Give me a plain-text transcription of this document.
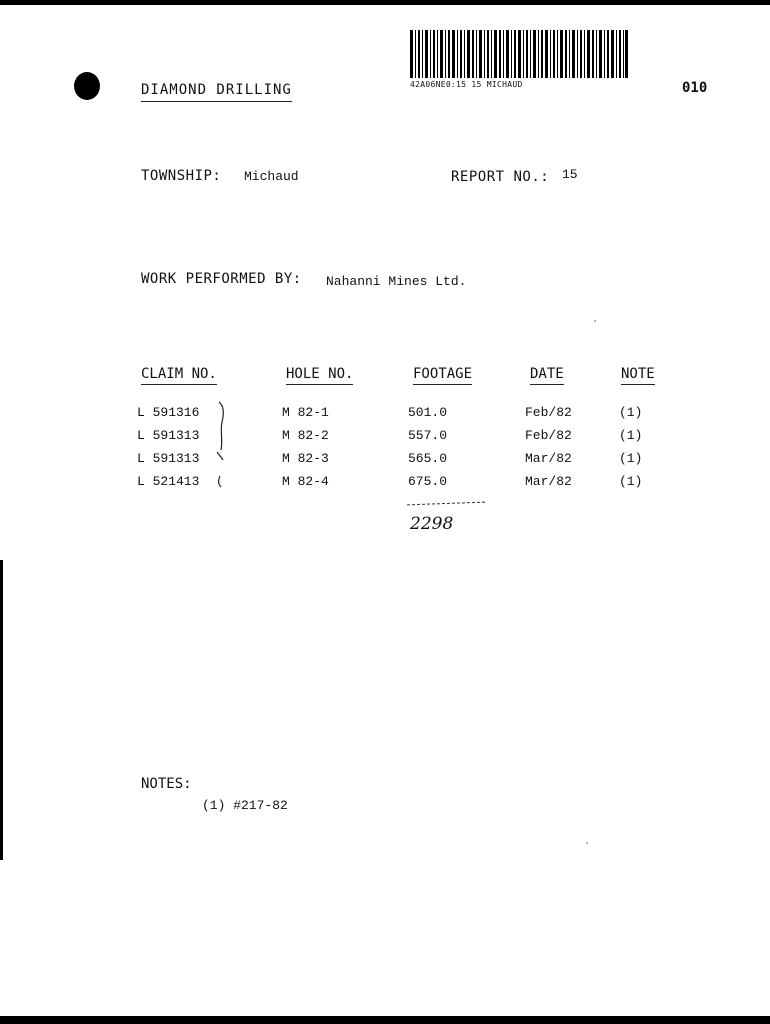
DIAMOND DRILLING	42A06NE0:15 15 MICHAUD	010
TOWNSHIP: Michaud	REPORT NO.: 15
WORK PERFORMED BY: Nahanni Mines Ltd.
CLAIM NO.	HOLE NO.	FOOTAGE	DATE	NOTE
L 591316	M 82-1	501.0	Feb/82	(1)
L 591313	M 82-2	557.0	Feb/82	(1)
L 591313	M 82-3	565.0	Mar/82	(1)
L 521413	M 82-4	675.0	Mar/82	(1)
2298
NOTES:
(1) #217-82
